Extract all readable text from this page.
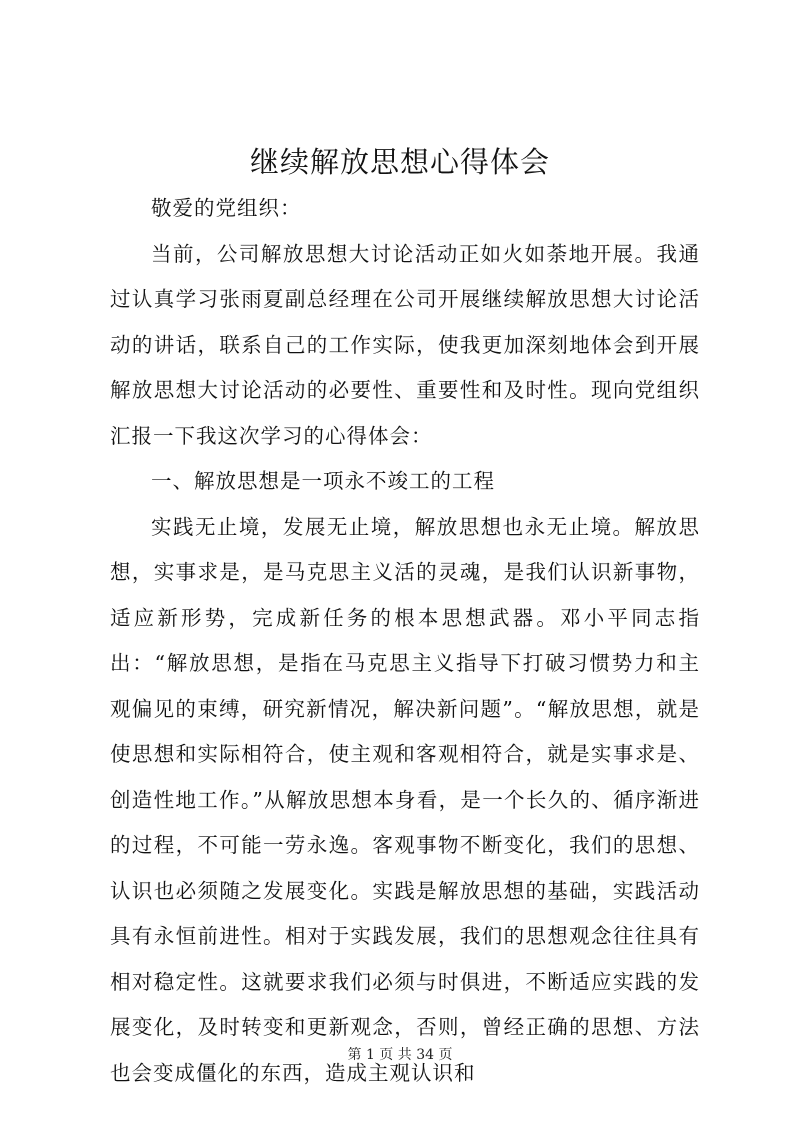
继续解放思想心得体会

敬爱的党组织：

当前，公司解放思想大讨论活动正如火如荼地开展。我通过认真学习张雨夏副总经理在公司开展继续解放思想大讨论活动的讲话，联系自己的工作实际，使我更加深刻地体会到开展解放思想大讨论活动的必要性、重要性和及时性。现向党组织汇报一下我这次学习的心得体会：

一、解放思想是一项永不竣工的工程

实践无止境，发展无止境，解放思想也永无止境。解放思想，实事求是，是马克思主义活的灵魂，是我们认识新事物，适应新形势，完成新任务的根本思想武器。邓小平同志指出：“解放思想，是指在马克思主义指导下打破习惯势力和主观偏见的束缚，研究新情况，解决新问题”。“解放思想，就是使思想和实际相符合，使主观和客观相符合，就是实事求是、创造性地工作。”从解放思想本身看，是一个长久的、循序渐进的过程，不可能一劳永逸。客观事物不断变化，我们的思想、认识也必须随之发展变化。实践是解放思想的基础，实践活动具有永恒前进性。相对于实践发展，我们的思想观念往往具有相对稳定性。这就要求我们必须与时俱进，不断适应实践的发展变化，及时转变和更新观念，否则，曾经正确的思想、方法也会变成僵化的东西，造成主观认识和

第 1 页 共 34 页
